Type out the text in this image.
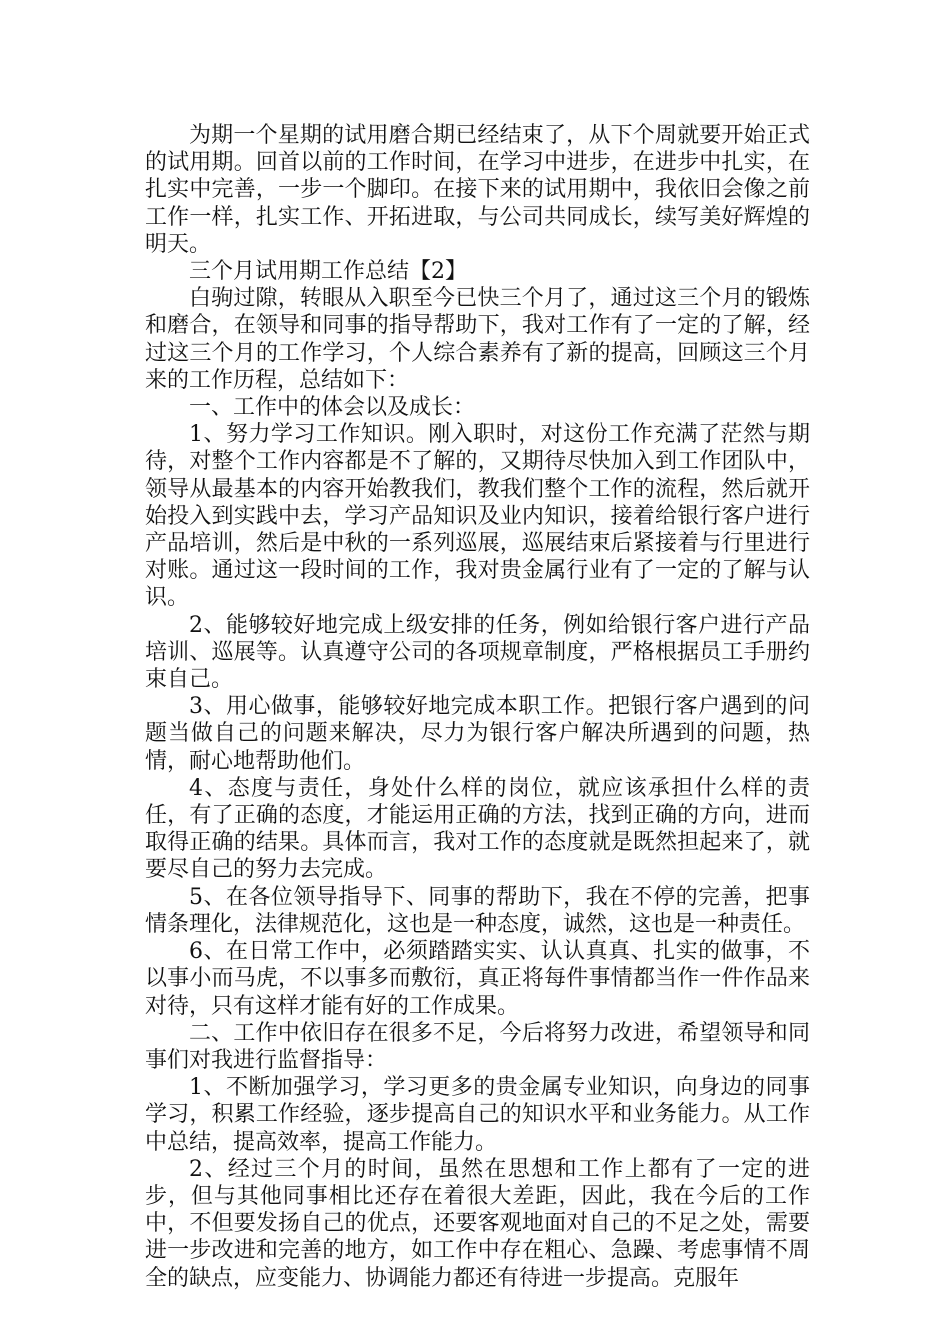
为期一个星期的试用磨合期已经结束了，从下个周就要开始正式的试用期。回首以前的工作时间，在学习中进步，在进步中扎实，在扎实中完善，一步一个脚印。在接下来的试用期中，我依旧会像之前工作一样，扎实工作、开拓进取，与公司共同成长，续写美好辉煌的明天。

三个月试用期工作总结【2】

白驹过隙，转眼从入职至今已快三个月了，通过这三个月的锻炼和磨合，在领导和同事的指导帮助下，我对工作有了一定的了解，经过这三个月的工作学习，个人综合素养有了新的提高，回顾这三个月来的工作历程，总结如下：

一、工作中的体会以及成长：

1、努力学习工作知识。刚入职时，对这份工作充满了茫然与期待，对整个工作内容都是不了解的，又期待尽快加入到工作团队中，领导从最基本的内容开始教我们，教我们整个工作的流程，然后就开始投入到实践中去，学习产品知识及业内知识，接着给银行客户进行产品培训，然后是中秋的一系列巡展，巡展结束后紧接着与行里进行对账。通过这一段时间的工作，我对贵金属行业有了一定的了解与认识。

2、能够较好地完成上级安排的任务，例如给银行客户进行产品培训、巡展等。认真遵守公司的各项规章制度，严格根据员工手册约束自己。

3、用心做事，能够较好地完成本职工作。把银行客户遇到的问题当做自己的问题来解决，尽力为银行客户解决所遇到的问题，热情，耐心地帮助他们。

4、态度与责任，身处什么样的岗位，就应该承担什么样的责任，有了正确的态度，才能运用正确的方法，找到正确的方向，进而取得正确的结果。具体而言，我对工作的态度就是既然担起来了，就要尽自己的努力去完成。

5、在各位领导指导下、同事的帮助下，我在不停的完善，把事情条理化，法律规范化，这也是一种态度，诚然，这也是一种责任。

6、在日常工作中，必须踏踏实实、认认真真、扎实的做事，不以事小而马虎，不以事多而敷衍，真正将每件事情都当作一件作品来对待，只有这样才能有好的工作成果。

二、工作中依旧存在很多不足，今后将努力改进，希望领导和同事们对我进行监督指导：

1、不断加强学习，学习更多的贵金属专业知识，向身边的同事学习，积累工作经验，逐步提高自己的知识水平和业务能力。从工作中总结，提高效率，提高工作能力。

2、经过三个月的时间，虽然在思想和工作上都有了一定的进步，但与其他同事相比还存在着很大差距，因此，我在今后的工作中，不但要发扬自己的优点，还要客观地面对自己的不足之处，需要进一步改进和完善的地方，如工作中存在粗心、急躁、考虑事情不周全的缺点，应变能力、协调能力都还有待进一步提高。克服年
